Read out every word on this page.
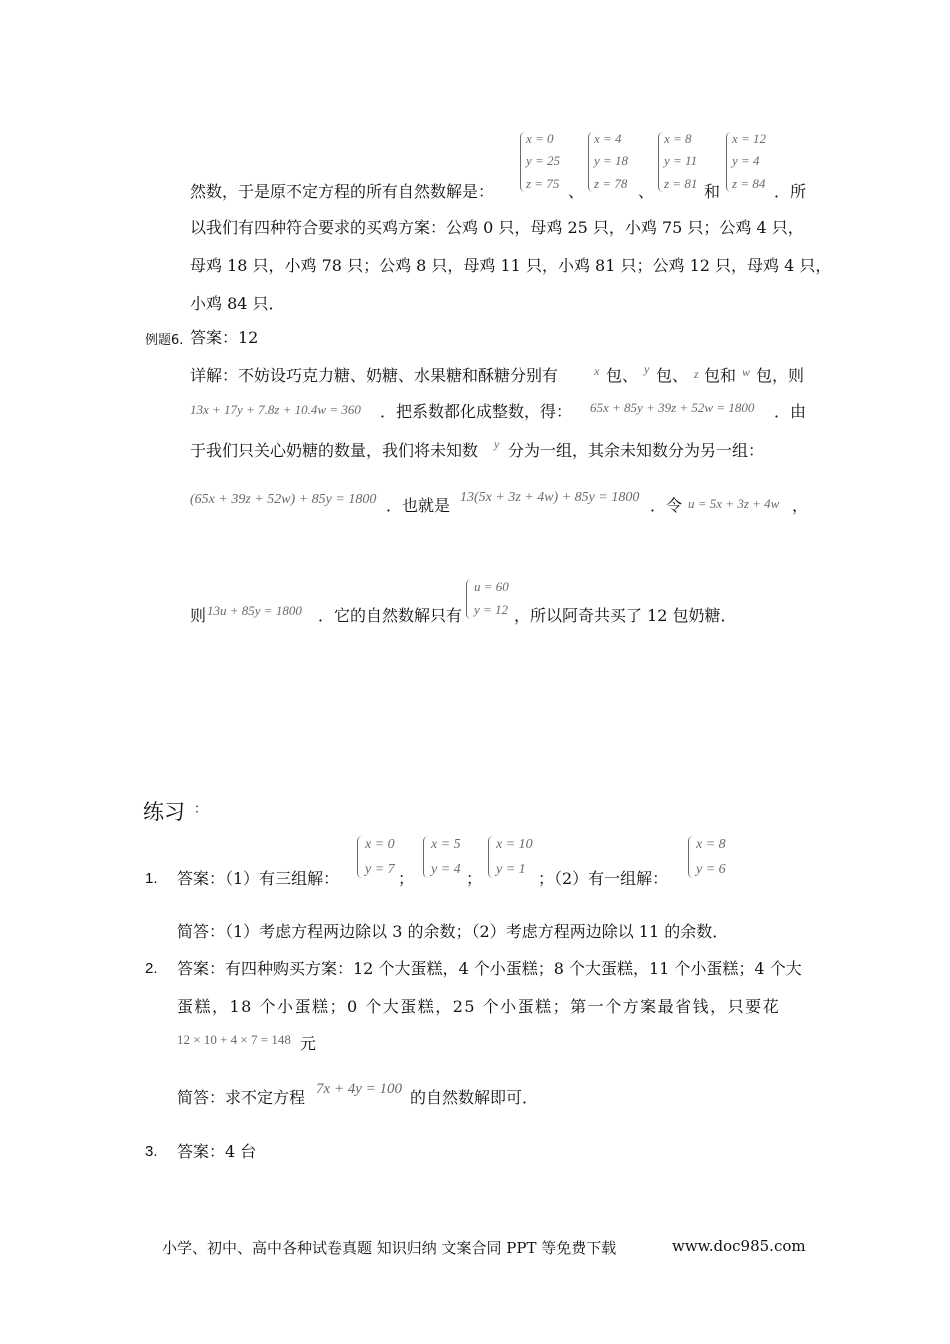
然数，于是原不定方程的所有自然数解是：
x = 0
y = 25
z = 75 、
x = 4
y = 18
z = 78 、
x = 8
y = 11
z = 81 和
x = 12
y = 4
z = 84 ．所
以我们有四种符合要求的买鸡方案：公鸡 0 只，母鸡 25 只，小鸡 75 只；公鸡 4 只，
母鸡 18 只，小鸡 78 只；公鸡 8 只，母鸡 11 只，小鸡 81 只；公鸡 12 只，母鸡 4 只，
小鸡 84 只．
例题6. 答案：12
详解：不妨设巧克力糖、奶糖、水果糖和酥糖分别有	x 包、 y 包、 z 包和 w 包，则
13x + 17y + 7.8z + 10.4w = 360 ．把系数都化成整数，得： 65x + 85y + 39z + 52w = 1800 ．由
于我们只关心奶糖的数量，我们将未知数 y 分为一组，其余未知数分为另一组：
(65x + 39z + 52w) + 85y = 1800 ．也就是 13(5x + 3z + 4w) + 85y = 1800 ．令 u = 5x + 3z + 4w ，
则 13u + 85y = 1800 ．它的自然数解只有
u = 60
y = 12 ，所以阿奇共买了 12 包奶糖．
练习 ：
1. 答案：（1）有三组解：
x = 0
y = 7 ；
x = 5
y = 4 ；
x = 10
y = 1 ；（2）有一组解：
x = 8
y = 6
简答：（1）考虑方程两边除以 3 的余数；（2）考虑方程两边除以 11 的余数．
2. 答案：有四种购买方案：12 个大蛋糕，4 个小蛋糕；8 个大蛋糕，11 个小蛋糕；4 个大
蛋糕，18 个小蛋糕；0 个大蛋糕，25 个小蛋糕；第一个方案最省钱，只要花
12 × 10 + 4 × 7 = 148 元
简答：求不定方程 7x + 4y = 100 的自然数解即可．
3. 答案：4 台
小学、初中、高中各种试卷真题 知识归纳 文案合同 PPT 等免费下载	www.doc985.com
